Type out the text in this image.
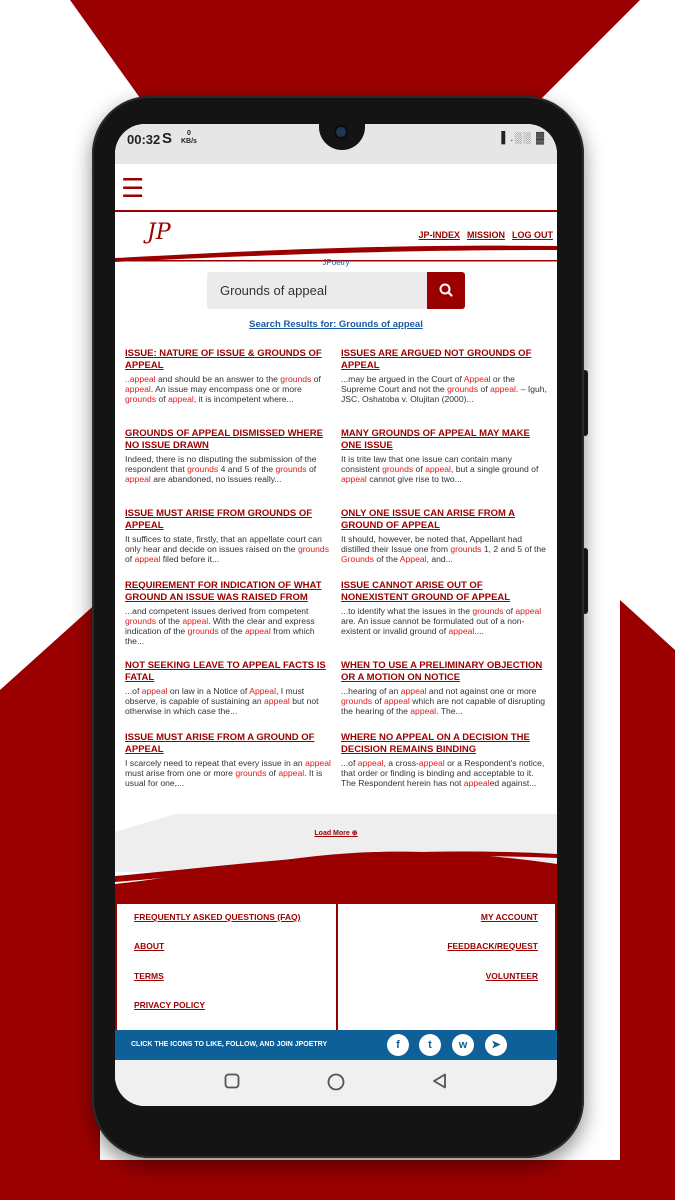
00:32 S	0
KB/s	▐ .░░ ▓
☰
JP	JP-INDEX MISSION LOG OUT
JPoetry
Grounds of appeal
Search Results for: Grounds of appeal
ISSUE: NATURE OF ISSUE & GROUNDS OF APPEAL
..appeal and should be an answer to the grounds of appeal. An issue may encompass one or more grounds of appeal, it is incompetent where...
ISSUES ARE ARGUED NOT GROUNDS OF APPEAL
...may be argued in the Court of Appeal or the Supreme Court and not the grounds of appeal. – Iguh, JSC. Oshatoba v. Olujitan (2000)...
GROUNDS OF APPEAL DISMISSED WHERE NO ISSUE DRAWN
Indeed, there is no disputing the submission of the respondent that grounds 4 and 5 of the grounds of appeal are abandoned, no issues really...
MANY GROUNDS OF APPEAL MAY MAKE ONE ISSUE
It is trite law that one issue can contain many consistent grounds of appeal, but a single ground of appeal cannot give rise to two...
ISSUE MUST ARISE FROM GROUNDS OF APPEAL
It suffices to state, firstly, that an appellate court can only hear and decide on issues raised on the grounds of appeal filed before it...
ONLY ONE ISSUE CAN ARISE FROM A GROUND OF APPEAL
It should, however, be noted that, Appellant had distilled their Issue one from grounds 1, 2 and 5 of the Grounds of the Appeal, and...
REQUIREMENT FOR INDICATION OF WHAT GROUND AN ISSUE WAS RAISED FROM
...and competent issues derived from competent grounds of the appeal. With the clear and express indication of the grounds of the appeal from which the...
ISSUE CANNOT ARISE OUT OF NONEXISTENT GROUND OF APPEAL
...to identify what the issues in the grounds of appeal are. An issue cannot be formulated out of a non-existent or invalid ground of appeal....
NOT SEEKING LEAVE TO APPEAL FACTS IS FATAL
...of appeal on law in a Notice of Appeal, I must observe, is capable of sustaining an appeal but not otherwise in which case the...
WHEN TO USE A PRELIMINARY OBJECTION OR A MOTION ON NOTICE
...hearing of an appeal and not against one or more grounds of appeal which are not capable of disrupting the hearing of the appeal. The...
ISSUE MUST ARISE FROM A GROUND OF APPEAL
I scarcely need to repeat that every issue in an appeal must arise from one or more grounds of appeal. It is usual for one,...
WHERE NO APPEAL ON A DECISION THE DECISION REMAINS BINDING
...of appeal, a cross-appeal or a Respondent's notice, that order or finding is binding and acceptable to it. The Respondent herein has not appealed against...
Load More ⊕
FREQUENTLY ASKED QUESTIONS (FAQ)
ABOUT
TERMS
PRIVACY POLICY
MY ACCOUNT
FEEDBACK/REQUEST
VOLUNTEER
CLICK THE ICONS TO LIKE, FOLLOW, AND JOIN JPOETRY	f	t	w	➤
